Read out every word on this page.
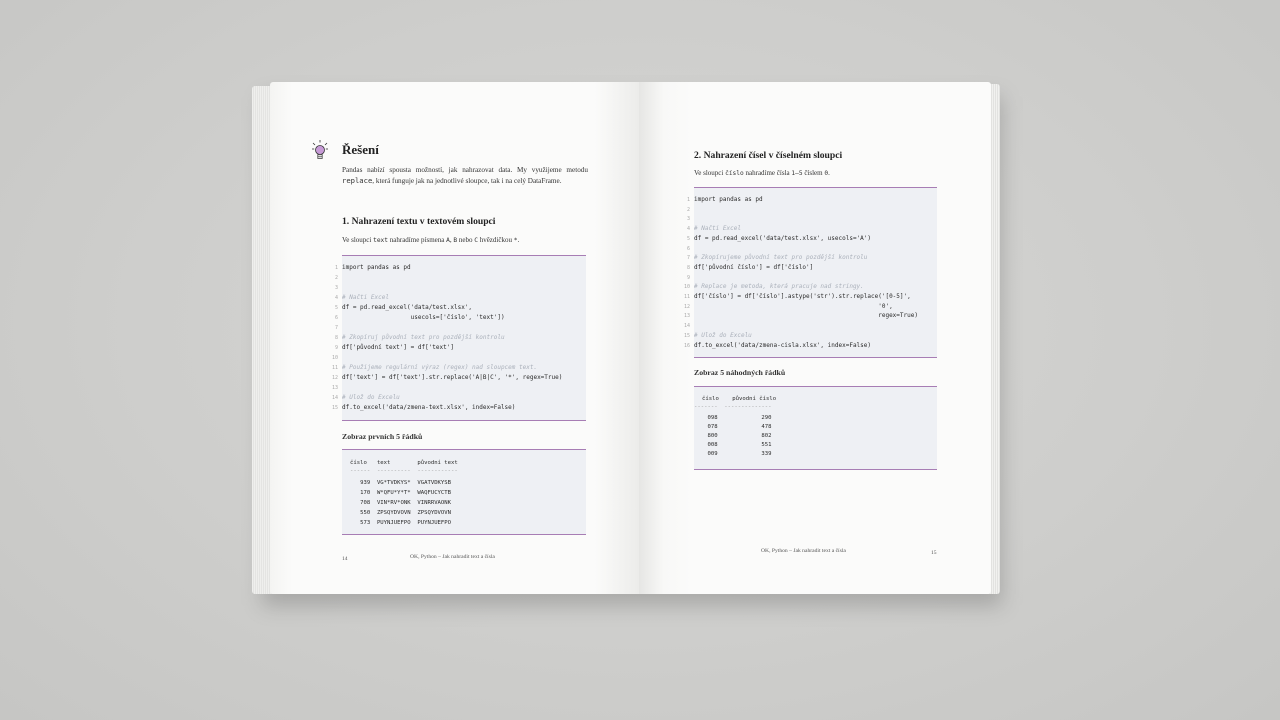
Řešení
Pandas nabízí spousta možností, jak nahrazovat data. My využijeme metodu replace, která funguje jak na jednotlivé sloupce, tak i na celý DataFrame.
1. Nahrazení textu v textovém sloupci
Ve sloupci text nahradíme písmena A, B nebo C hvězdičkou *.
1 import pandas as pd
2
3
4 # Načti Excel
5 df = pd.read_excel('data/test.xlsx',
6                   usecols=['číslo', 'text'])
7
8 # Zkopíruj původní text pro pozdější kontrolu
9 df['původní text'] = df['text']
10
11 # Použijeme regulární výraz (regex) nad sloupcem text.
12 df['text'] = df['text'].str.replace('A|B|C', '*', regex=True)
13
14 # Ulož do Excelu
15 df.to_excel('data/zmena-text.xlsx', index=False)
Zobraz prvních 5 řádků
číslo   text        původní text
------  ----------  ------------
939  VG*TVDKYS*  VGATVDKYSB
170  W*QFU*Y*T*  WAQFUCYCTB
708  VIN*RV*ONK  VINRRVAONK
550  ZPSQYDVOVN  ZPSQYDVOVN
573  PUYNJUEFPO  PUYNJUEFPO
14	OK, Python – Jak nahradit text a čísla
2. Nahrazení čísel v číselném sloupci
Ve sloupci číslo nahradíme čísla 1–5 číslem 0.
1 import pandas as pd
2
3
4 # Načti Excel
5 df = pd.read_excel('data/test.xlsx', usecols='A')
6
7 # Zkopírujeme původní text pro pozdější kontrolu
8 df['původní číslo'] = df['číslo']
9
10 # Replace je metoda, která pracuje nad stringy.
11 df['číslo'] = df['číslo'].astype('str').str.replace('[0-5]',
12                                                   '0',
13                                                   regex=True)
14
15 # Ulož do Excelu
16 df.to_excel('data/zmena-cisla.xlsx', index=False)
Zobraz 5 náhodných řádků
číslo    původní číslo
-------  --------------
098             290
078             478
800             802
008             551
009             339
OK, Python – Jak nahradit text a čísla	15
